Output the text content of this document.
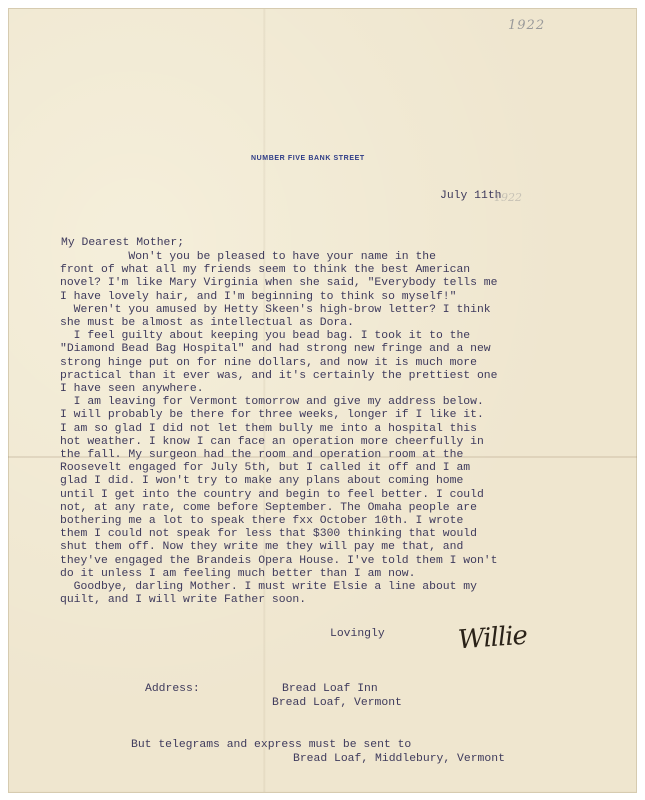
1922
NUMBER FIVE BANK STREET
July 11th
1922
My Dearest Mother;
Won't you be pleased to have your name in the
front of what all my friends seem to think the best American
novel? I'm like Mary Virginia when she said, "Everybody tells me
I have lovely hair, and I'm beginning to think so myself!"
Weren't you amused by Hetty Skeen's high-brow letter? I think
she must be almost as intellectual as Dora.
I feel guilty about keeping you bead bag. I took it to the
"Diamond Bead Bag Hospital" and had strong new fringe and a new
strong hinge put on for nine dollars, and now it is much more
practical than it ever was, and it's certainly the prettiest one
I have seen anywhere.
I am leaving for Vermont tomorrow and give my address below.
I will probably be there for three weeks, longer if I like it.
I am so glad I did not let them bully me into a hospital this
hot weather. I know I can face an operation more cheerfully in
the fall. My surgeon had the room and operation room at the
Roosevelt engaged for July 5th, but I called it off and I am
glad I did. I won't try to make any plans about coming home
until I get into the country and begin to feel better. I could
not, at any rate, come before September. The Omaha people are
bothering me a lot to speak there fxx October 10th. I wrote
them I could not speak for less that $300 thinking that would
shut them off. Now they write me they will pay me that, and
they've engaged the Brandeis Opera House. I've told them I won't
do it unless I am feeling much better than I am now.
Goodbye, darling Mother. I must write Elsie a line about my
quilt, and I will write Father soon.
Lovingly	Willie
Address:	Bread Loaf Inn
Bread Loaf, Vermont
But telegrams and express must be sent to
Bread Loaf, Middlebury, Vermont
